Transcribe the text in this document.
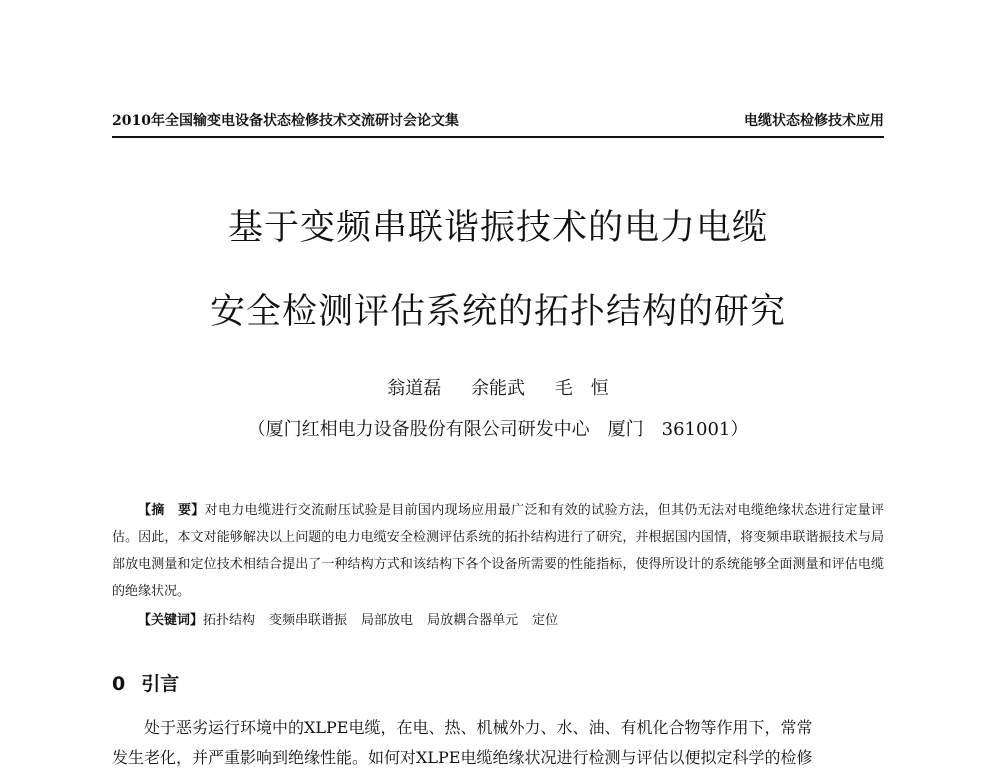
2010年全国输变电设备状态检修技术交流研讨会论文集	电缆状态检修技术应用
基于变频串联谐振技术的电力电缆
安全检测评估系统的拓扑结构的研究
翁道磊 余能武 毛　恒
（厦门红相电力设备股份有限公司研发中心　厦门　361001）

【摘　要】对电力电缆进行交流耐压试验是目前国内现场应用最广泛和有效的试验方法，但其仍无法对电缆绝缘状态进行定量评估。因此，本文对能够解决以上问题的电力电缆安全检测评估系统的拓扑结构进行了研究，并根据国内国情，将变频串联谐振技术与局部放电测量和定位技术相结合提出了一种结构方式和该结构下各个设备所需要的性能指标，使得所设计的系统能够全面测量和评估电缆的绝缘状况。

【关键词】拓扑结构 变频串联谐振 局部放电 局放耦合器单元 定位
0 引言

处于恶劣运行环境中的XLPE电缆，在电、热、机械外力、水、油、有机化合物等作用下，常常
发生老化，并严重影响到绝缘性能。如何对XLPE电缆绝缘状况进行检测与评估以便拟定科学的检修
